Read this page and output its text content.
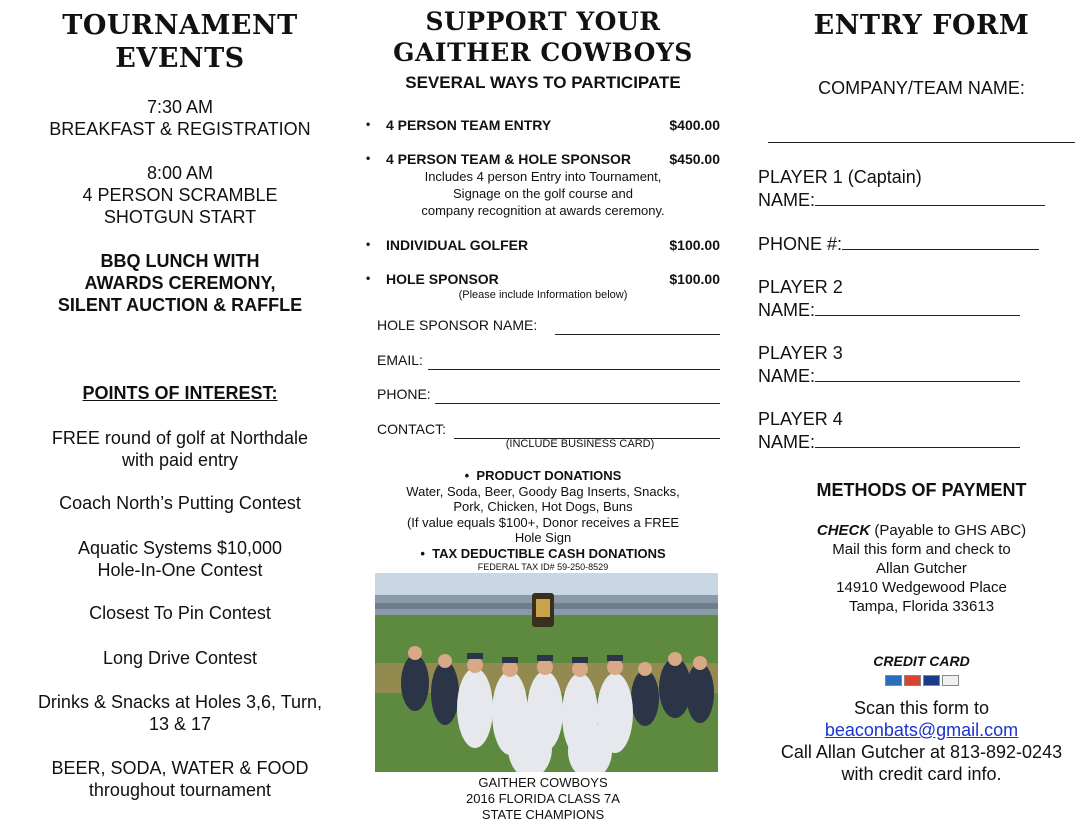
TOURNAMENT
EVENTS
7:30 AM
BREAKFAST & REGISTRATION
8:00 AM
4 PERSON SCRAMBLE
SHOTGUN START
BBQ LUNCH WITH
AWARDS CEREMONY,
SILENT AUCTION & RAFFLE
POINTS OF INTEREST:
FREE round of golf at Northdale
with paid entry
Coach North’s Putting Contest
Aquatic Systems $10,000
Hole-In-One Contest
Closest To Pin Contest
Long Drive Contest
Drinks & Snacks at Holes 3,6, Turn,
13 & 17
BEER, SODA, WATER & FOOD
throughout tournament
SUPPORT YOUR
GAITHER COWBOYS
SEVERAL WAYS TO PARTICIPATE
• 4 PERSON TEAM ENTRY	$400.00
• 4 PERSON TEAM & HOLE SPONSOR	$450.00
Includes 4 person Entry into Tournament,
Signage on the golf course and
company recognition at awards ceremony.
• INDIVIDUAL GOLFER	$100.00
• HOLE SPONSOR	$100.00
(Please include Information below)
HOLE SPONSOR NAME:
EMAIL:
PHONE:
CONTACT:
(INCLUDE BUSINESS CARD)
• PRODUCT DONATIONS
Water, Soda, Beer, Goody Bag Inserts, Snacks,
Pork, Chicken, Hot Dogs, Buns
(If value equals $100+, Donor receives a FREE
Hole Sign
• TAX DEDUCTIBLE CASH DONATIONS
FEDERAL TAX ID# 59-250-8529
GAITHER COWBOYS
2016 FLORIDA CLASS 7A
STATE CHAMPIONS
ENTRY FORM
COMPANY/TEAM NAME:
PLAYER 1 (Captain)
NAME:
PHONE #:
PLAYER 2
NAME:
PLAYER 3
NAME:
PLAYER 4
NAME:
METHODS OF PAYMENT
CHECK (Payable to GHS ABC)
Mail this form and check to
Allan Gutcher
14910 Wedgewood Place
Tampa, Florida 33613
CREDIT CARD
Scan this form to
beaconbats@gmail.com
Call Allan Gutcher at 813-892-0243
with credit card info.
